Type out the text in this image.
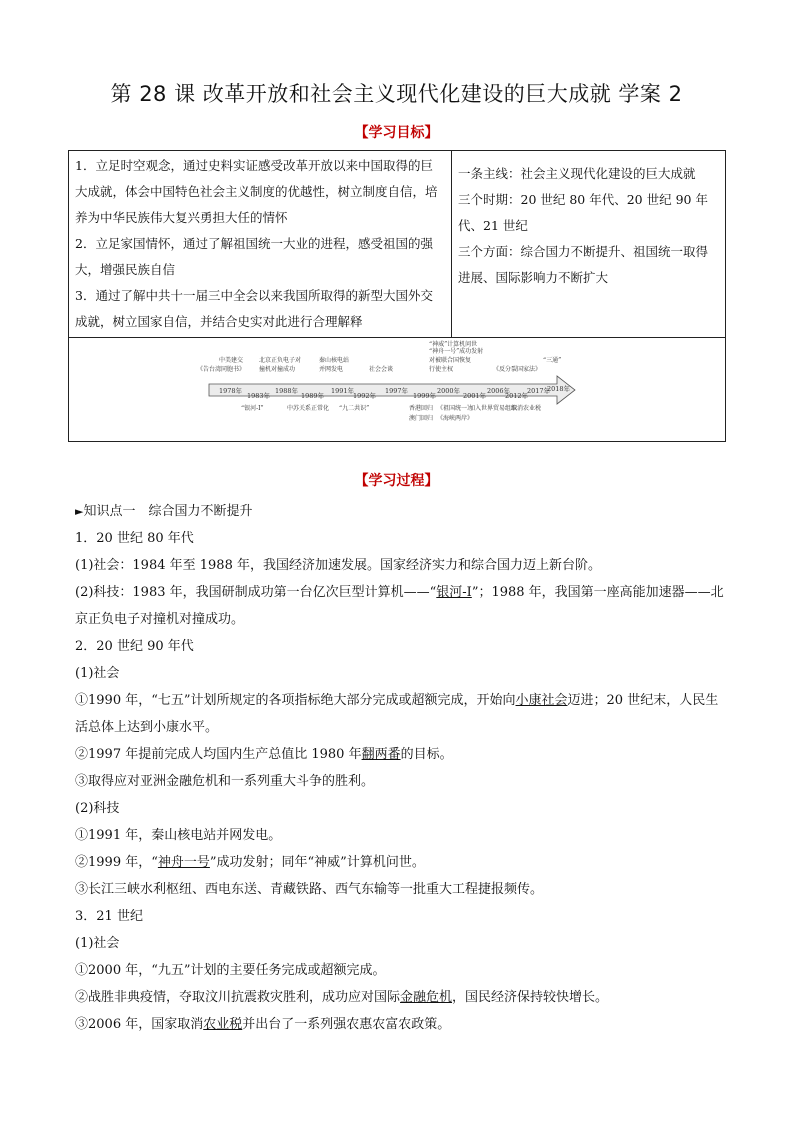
第 28 课 改革开放和社会主义现代化建设的巨大成就 学案 2
【学习目标】
1．立足时空观念，通过史料实证感受改革开放以来中国取得的巨大成就，体会中国特色社会主义制度的优越性，树立制度自信，培养为中华民族伟大复兴勇担大任的情怀
2．立足家国情怀，通过了解祖国统一大业的进程，感受祖国的强大，增强民族自信
3．通过了解中共十一届三中全会以来我国所取得的新型大国外交成就，树立国家自信，并结合史实对此进行合理解释

一条主线：社会主义现代化建设的巨大成就
三个时期：20 世纪 80 年代、20 世纪 90 年代、21 世纪
三个方面：综合国力不断提升、祖国统一取得进展、国际影响力不断扩大

1978年
1983年
1988年
1989年
1991年
1992年
1997年
1999年
2000年
2001年
2006年
2012年
2017年
2018年
中美建交	北京正负电子对	秦山核电站
《告台湾同胞书》 撞机对撞成功	并网发电	社会会谈
“神威”计算机问世
“神舟一号”成功发射
对被联合国恢复	“三通”
行使主权	《反分裂国家法》
“银河-Ⅰ”	中苏关系正常化 “九二共识”	香港回归 《祖国统一》
澳门回归 《海峡两岸》
加入世界贸易组织
取消农业税
【学习过程】

►知识点一　综合国力不断提升

1．20 世纪 80 年代

(1)社会：1984 年至 1988 年，我国经济加速发展。国家经济实力和综合国力迈上新台阶。

(2)科技：1983 年，我国研制成功第一台亿次巨型计算机——“银河-Ⅰ”；1988 年，我国第一座高能加速器——北京正负电子对撞机对撞成功。

2．20 世纪 90 年代

(1)社会

①1990 年，“七五”计划所规定的各项指标绝大部分完成或超额完成，开始向小康社会迈进；20 世纪末，人民生活总体上达到小康水平。

②1997 年提前完成人均国内生产总值比 1980 年翻两番的目标。

③取得应对亚洲金融危机和一系列重大斗争的胜利。

(2)科技

①1991 年，秦山核电站并网发电。

②1999 年，“神舟一号”成功发射；同年“神威”计算机问世。

③长江三峡水利枢纽、西电东送、青藏铁路、西气东输等一批重大工程捷报频传。

3．21 世纪

(1)社会

①2000 年，“九五”计划的主要任务完成或超额完成。

②战胜非典疫情，夺取汶川抗震救灾胜利，成功应对国际金融危机，国民经济保持较快增长。

③2006 年，国家取消农业税并出台了一系列强农惠农富农政策。
